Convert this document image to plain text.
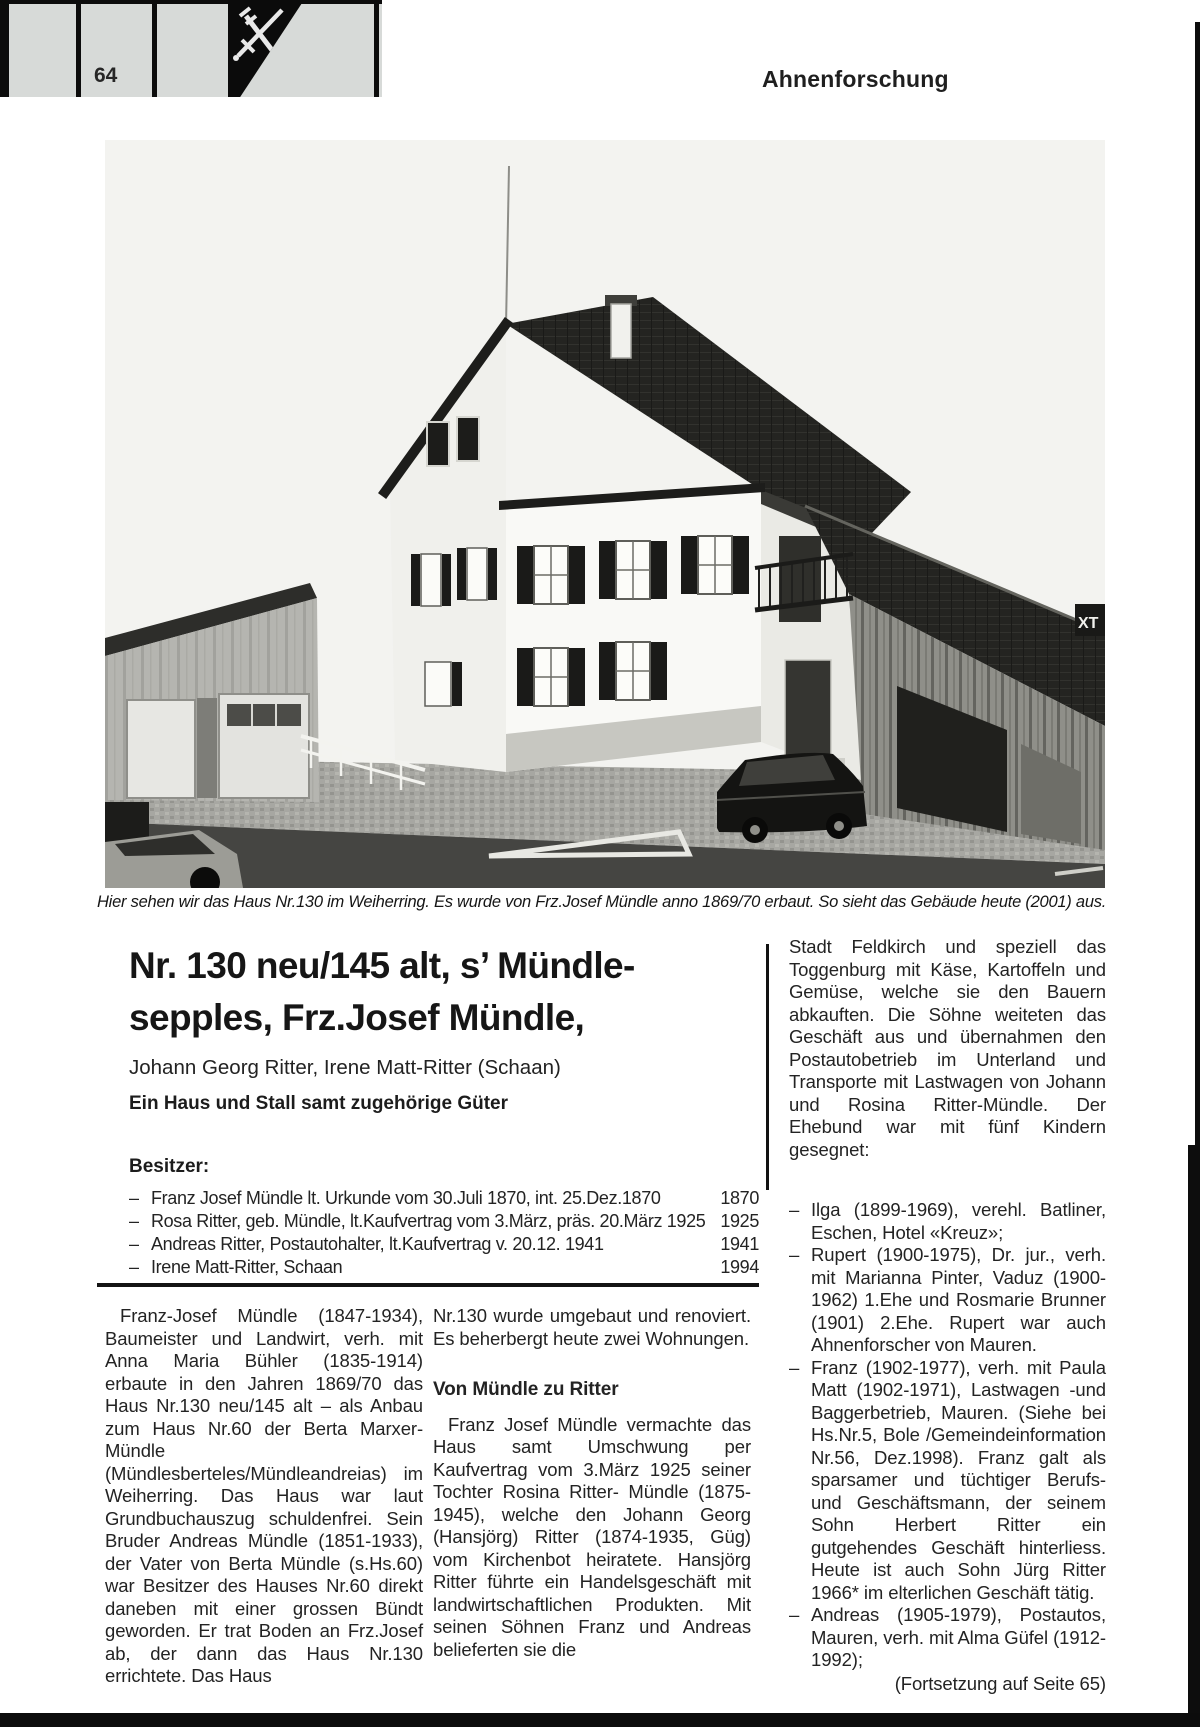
64	Ahnenforschung
XT
Hier sehen wir das Haus Nr.130 im Weiherring. Es wurde von Frz.Josef Mündle anno 1869/70 erbaut. So sieht das Gebäude heute (2001) aus.
Nr. 130 neu/145 alt, s’ Mündle-
sepples, Frz.Josef Mündle,
Johann Georg Ritter, Irene Matt-Ritter (Schaan)
Ein Haus und Stall samt zugehörige Güter
Besitzer:
– Franz Josef Mündle lt. Urkunde vom 30.Juli 1870, int. 25.Dez.1870	1870
– Rosa Ritter, geb. Mündle, lt.Kaufvertrag vom 3.März, präs. 20.März 1925 1925
– Andreas Ritter, Postautohalter, lt.Kaufvertrag v. 20.12. 1941	1941
– Irene Matt-Ritter, Schaan	1994
Franz-Josef Mündle (1847-1934), Baumeister und Landwirt, verh. mit Anna Maria Bühler (1835-1914) erbaute in den Jahren 1869/70 das Haus Nr.130 neu/145 alt – als Anbau zum Haus Nr.60 der Berta Marxer- Mündle (Mündlesberteles/Mündleandreias) im Weiherring. Das Haus war laut Grundbuchauszug schuldenfrei. Sein Bruder Andreas Mündle (1851-1933), der Vater von Berta Mündle (s.Hs.60) war Besitzer des Hauses Nr.60 direkt daneben mit einer grossen Bündt geworden. Er trat Boden an Frz.Josef ab, der dann das Haus Nr.130 errichtete. Das Haus
Nr.130 wurde umgebaut und renoviert. Es beherbergt heute zwei Wohnungen.
Von Mündle zu Ritter
Franz Josef Mündle vermachte das Haus samt Umschwung per Kaufvertrag vom 3.März 1925 seiner Tochter Rosina Ritter- Mündle (1875-1945), welche den Johann Georg (Hansjörg) Ritter (1874-1935, Güg) vom Kirchenbot heiratete. Hansjörg Ritter führte ein Handelsgeschäft mit landwirtschaftlichen Produkten. Mit seinen Söhnen Franz und Andreas belieferten sie die
Stadt Feldkirch und speziell das Toggenburg mit Käse, Kartoffeln und Gemüse, welche sie den Bauern abkauften. Die Söhne weiteten das Geschäft aus und übernahmen den Postautobetrieb im Unterland und Transporte mit Lastwagen von Johann und Rosina Ritter-Mündle. Der Ehebund war mit fünf Kindern gesegnet:
– Ilga (1899-1969), verehl. Batliner, Eschen, Hotel «Kreuz»;
– Rupert (1900-1975), Dr. jur., verh. mit Marianna Pinter, Vaduz (1900-1962) 1.Ehe und Rosmarie Brunner (1901) 2.Ehe. Rupert war auch Ahnenforscher von Mauren.
– Franz (1902-1977), verh. mit Paula Matt (1902-1971), Lastwagen -und Baggerbetrieb, Mauren. (Siehe bei Hs.Nr.5, Bole /Gemeindeinformation Nr.56, Dez.1998). Franz galt als sparsamer und tüchtiger Berufs- und Geschäftsmann, der seinem Sohn Herbert Ritter ein gutgehendes Geschäft hinterliess. Heute ist auch Sohn Jürg Ritter 1966* im elterlichen Geschäft tätig.
– Andreas (1905-1979), Postautos, Mauren, verh. mit Alma Güfel (1912-1992);
(Fortsetzung auf Seite 65)
